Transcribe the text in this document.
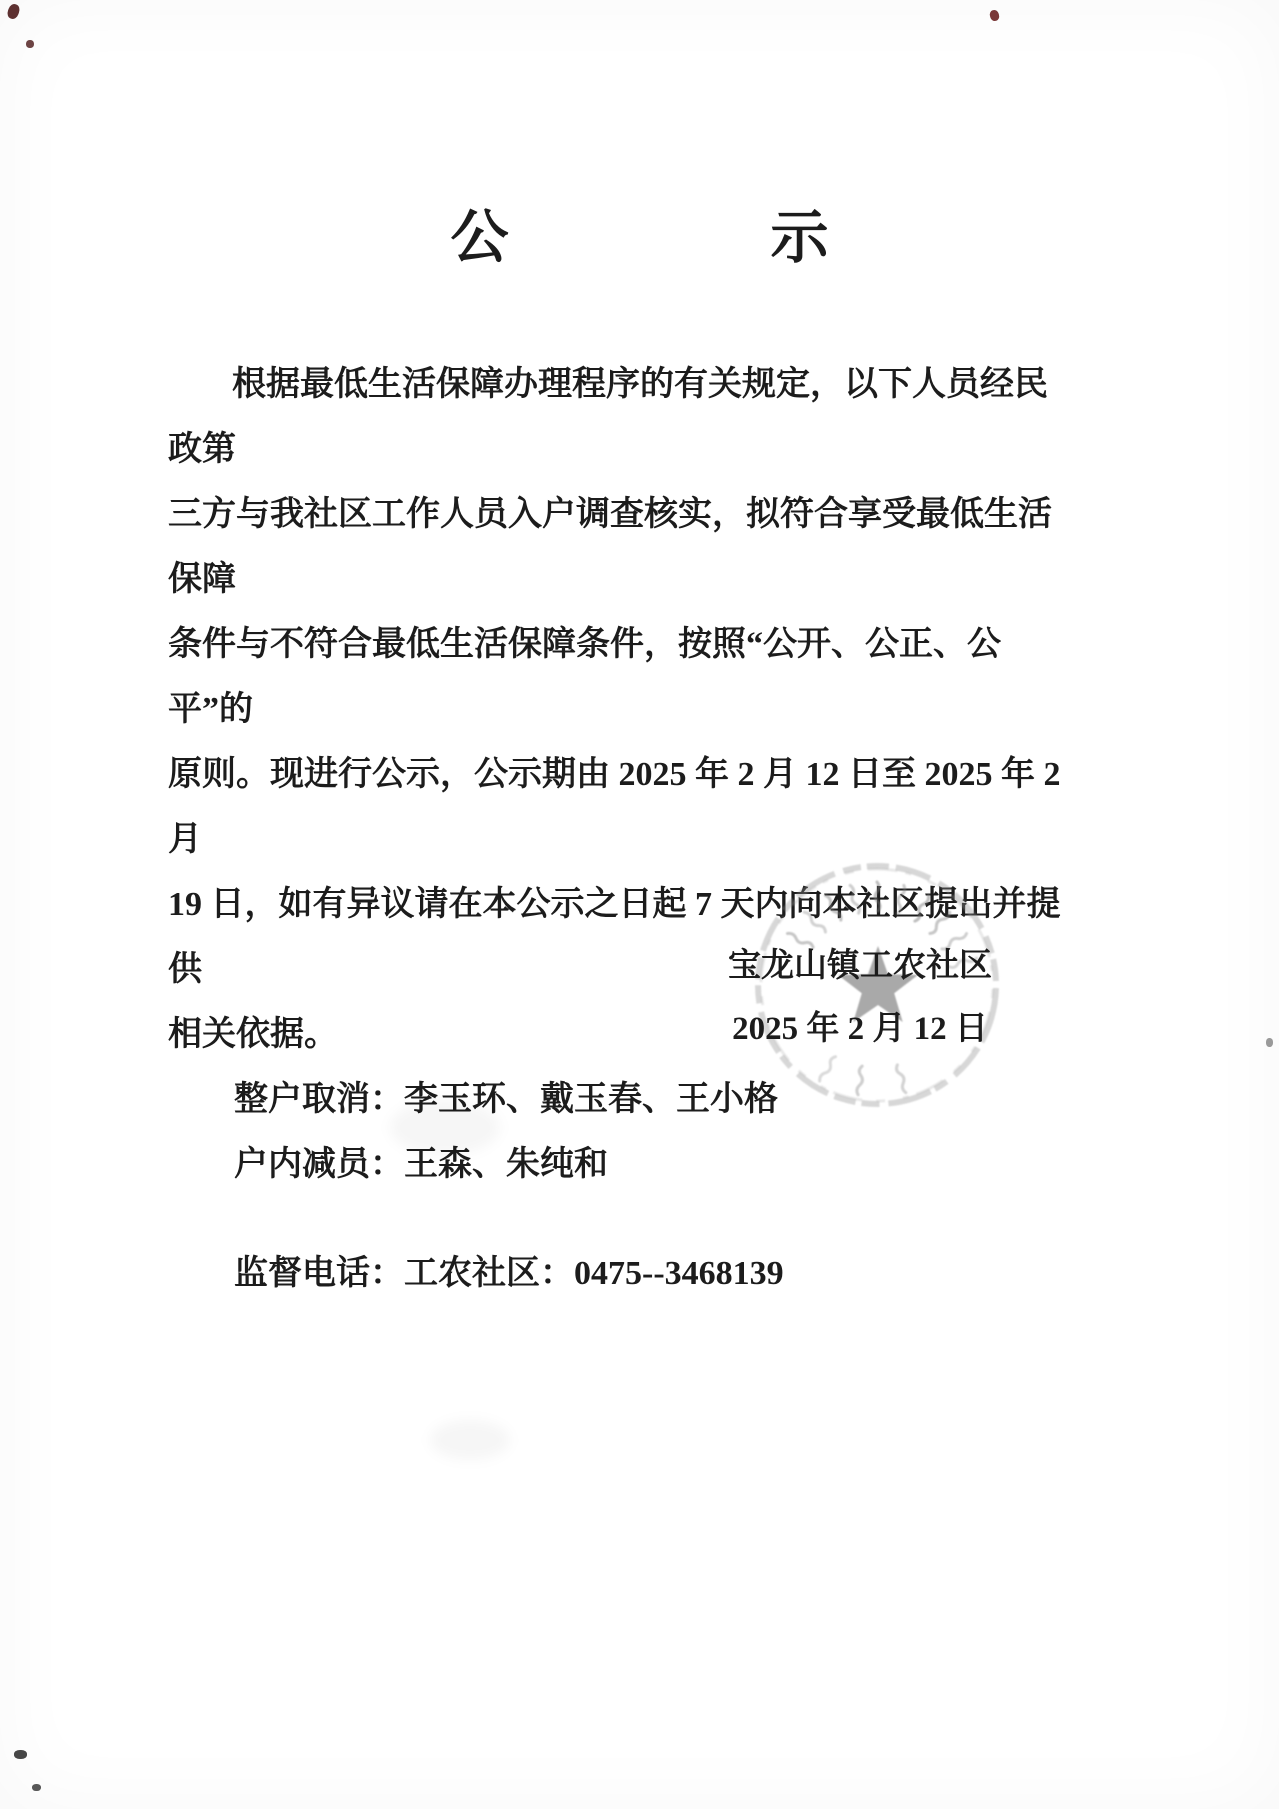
公	示

根据最低生活保障办理程序的有关规定，以下人员经民政第

三方与我社区工作人员入户调查核实，拟符合享受最低生活保障

条件与不符合最低生活保障条件，按照“公开、公正、公平”的

原则。现进行公示，公示期由 2025 年 2 月 12 日至 2025 年 2 月

19 日，如有异议请在本公示之日起 7 天内向本社区提出并提供

相关依据。

整户取消：李玉环、戴玉春、王小格

户内减员：王森、朱纯和

监督电话：工农社区：0475--3468139

宝龙山镇工农社区
2025 年 2 月 12 日
